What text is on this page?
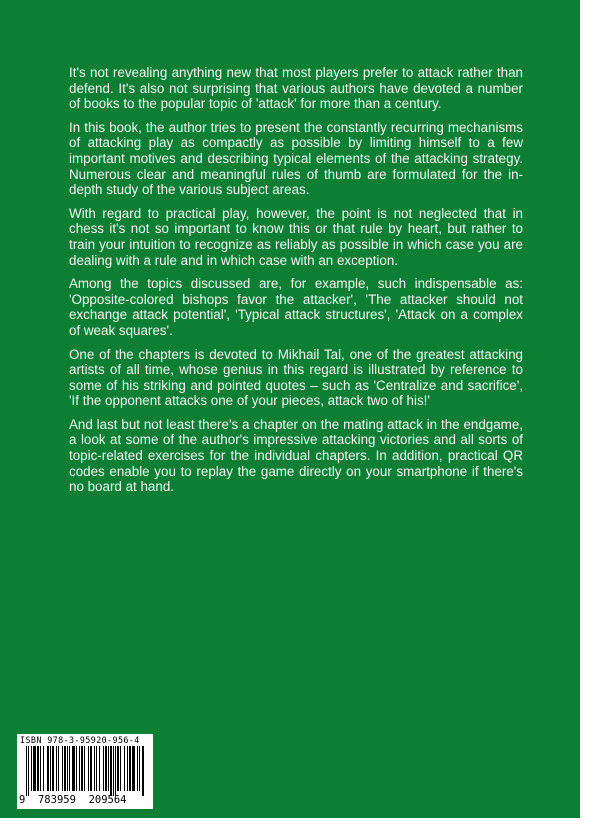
It's not revealing anything new that most players prefer to attack rather than defend. It's also not surprising that various authors have devoted a number of books to the popular topic of 'attack' for more than a century.

In this book, the author tries to present the constantly recurring mechanisms of attacking play as compactly as possible by limiting himself to a few important motives and describing typical elements of the attacking strategy. Numerous clear and meaningful rules of thumb are formulated for the in-depth study of the various subject areas.

With regard to practical play, however, the point is not neglected that in chess it's not so important to know this or that rule by heart, but rather to train your intuition to recognize as reliably as possible in which case you are dealing with a rule and in which case with an exception.

Among the topics discussed are, for example, such indispensable as: 'Opposite-colored bishops favor the attacker', 'The attacker should not exchange attack potential', 'Typical attack structures', 'Attack on a complex of weak squares'.

One of the chapters is devoted to Mikhail Tal, one of the greatest attacking artists of all time, whose genius in this regard is illustrated by reference to some of his striking and pointed quotes – such as 'Centralize and sacrifice', 'If the opponent attacks one of your pieces, attack two of his!'

And last but not least there's a chapter on the mating attack in the endgame, a look at some of the author's impressive attacking victories and all sorts of topic-related exercises for the individual chapters. In addition, practical QR codes enable you to replay the game directly on your smartphone if there's no board at hand.

ISBN 978-3-95920-956-4
9 783959 209564
